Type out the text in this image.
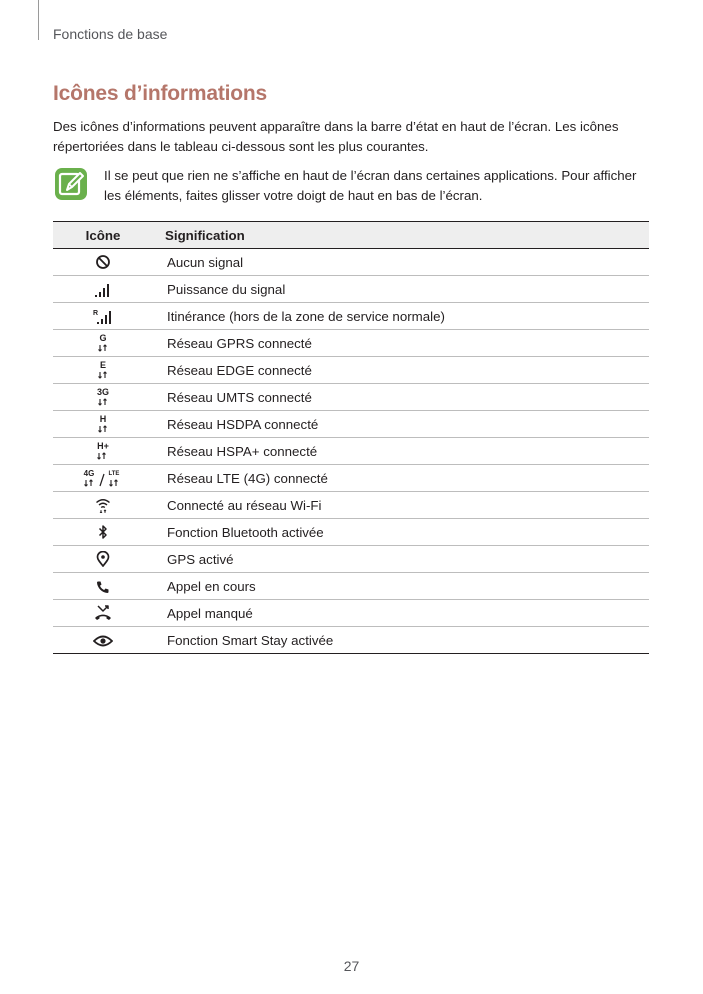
Fonctions de base
Icônes d’informations

Des icônes d’informations peuvent apparaître dans la barre d’état en haut de l’écran. Les icônes répertoriées dans le tableau ci-dessous sont les plus courantes.

Il se peut que rien ne s’affiche en haut de l’écran dans certaines applications. Pour afficher les éléments, faites glisser votre doigt de haut en bas de l’écran.

Icône	Signification

	Aucun signal

	Puissance du signal

R	Itinérance (hors de la zone de service normale)

G	Réseau GPRS connecté

E	Réseau EDGE connecté

3G	Réseau UMTS connecté

H	Réseau HSDPA connecté

H+	Réseau HSPA+ connecté

4G LTE	Réseau LTE (4G) connecté

	Connecté au réseau Wi-Fi

	Fonction Bluetooth activée

	GPS activé

	Appel en cours

	Appel manqué

	Fonction Smart Stay activée
27
